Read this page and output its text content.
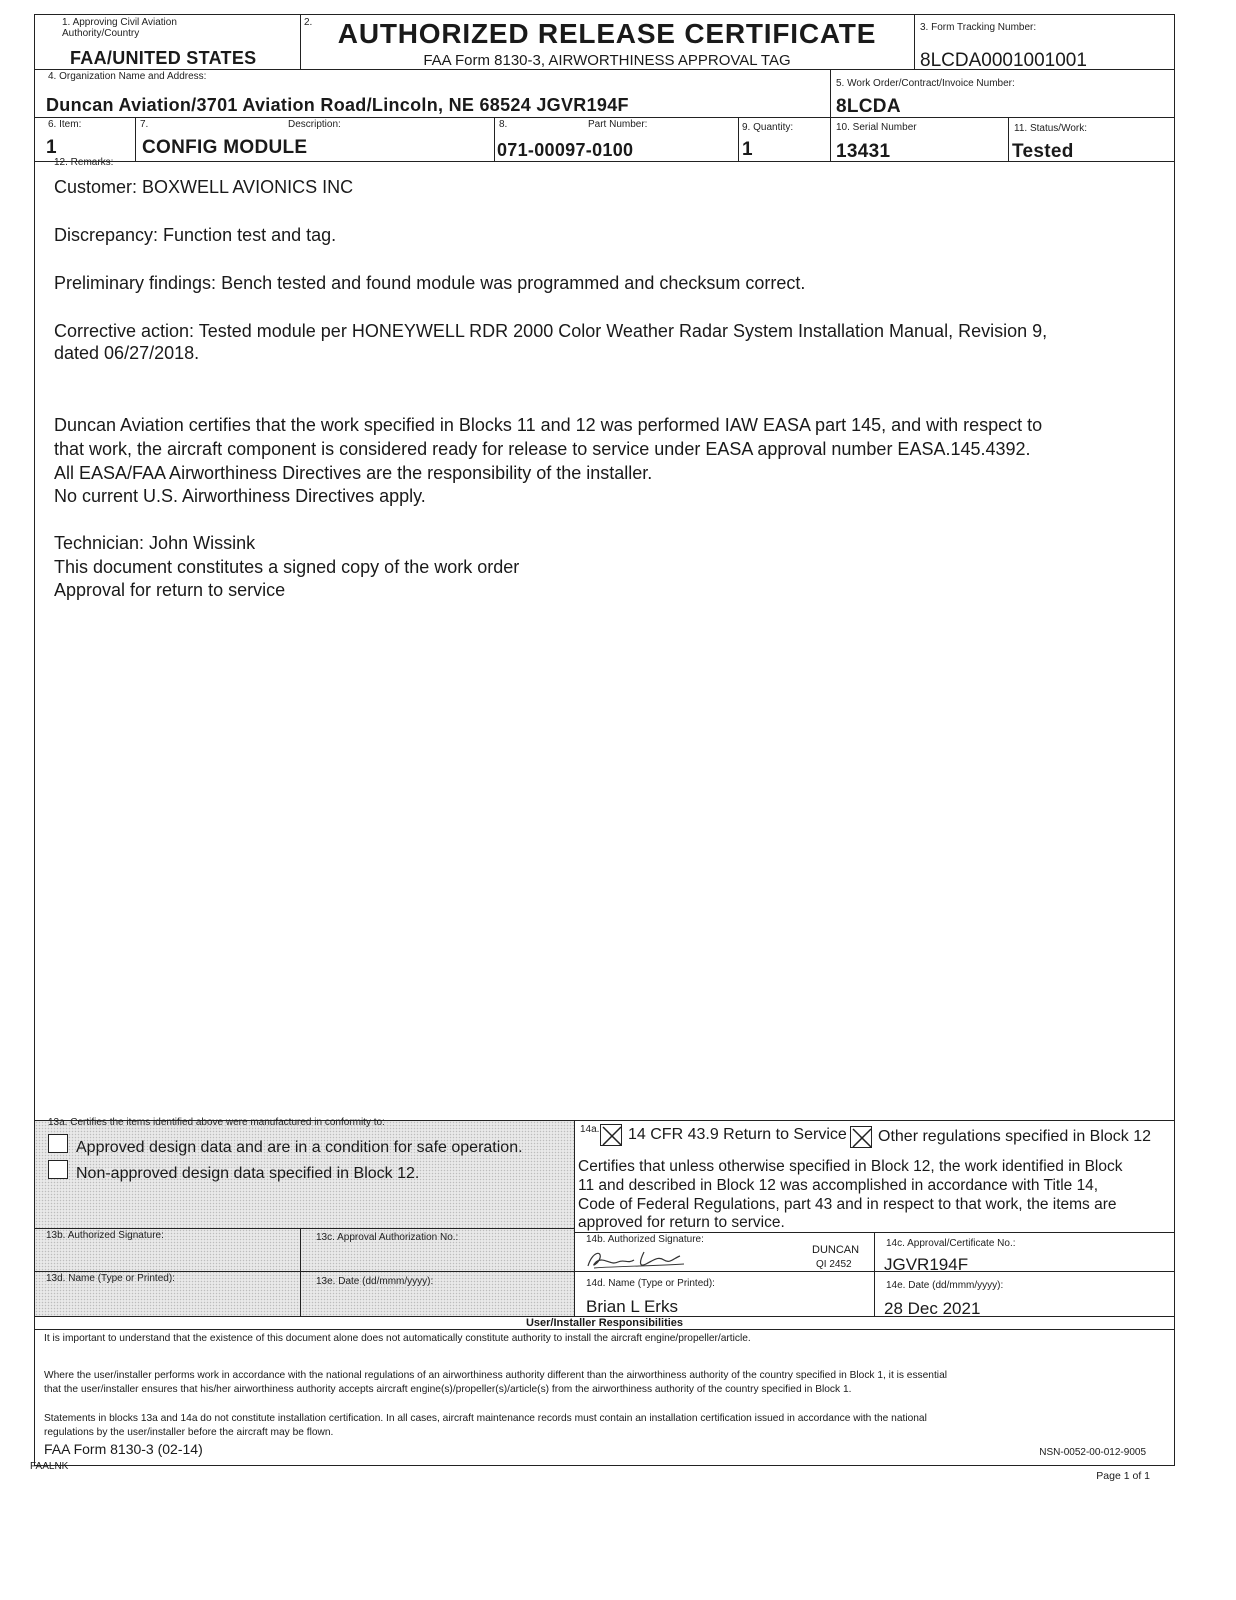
1. Approving Civil Aviation Authority/Country
FAA/UNITED STATES
2. AUTHORIZED RELEASE CERTIFICATE
FAA Form 8130-3, AIRWORTHINESS APPROVAL TAG
3. Form Tracking Number:
8LCDA0001001001
4. Organization Name and Address:
Duncan Aviation/3701 Aviation Road/Lincoln, NE 68524 JGVR194F
5. Work Order/Contract/Invoice Number:
8LCDA
6. Item:
1
7.	Description:
CONFIG MODULE
8.	Part Number:
071-00097-0100
9. Quantity:
1
10. Serial Number
13431
11. Status/Work:
Tested
12. Remarks:
Customer: BOXWELL AVIONICS INC
Discrepancy: Function test and tag.
Preliminary findings: Bench tested and found module was programmed and checksum correct.
Corrective action: Tested module per HONEYWELL RDR 2000 Color Weather Radar System Installation Manual, Revision 9,
dated 06/27/2018.
Duncan Aviation certifies that the work specified in Blocks 11 and 12 was performed IAW EASA part 145, and with respect to
that work, the aircraft component is considered ready for release to service under EASA approval number EASA.145.4392.
All EASA/FAA Airworthiness Directives are the responsibility of the installer.
No current U.S. Airworthiness Directives apply.
Technician: John Wissink
This document constitutes a signed copy of the work order
Approval for return to service
13a. Certifies the items identified above were manufactured in conformity to:
Approved design data and are in a condition for safe operation.
Non-approved design data specified in Block 12.
13b. Authorized Signature:	13c. Approval Authorization No.:
13d. Name (Type or Printed):	13e. Date (dd/mmm/yyyy):
14a. 14 CFR 43.9 Return to Service Other regulations specified in Block 12
Certifies that unless otherwise specified in Block 12, the work identified in Block
11 and described in Block 12 was accomplished in accordance with Title 14,
Code of Federal Regulations, part 43 and in respect to that work, the items are
approved for return to service.
14b. Authorized Signature:
DUNCAN
QI 2452
14c. Approval/Certificate No.:
JGVR194F
14d. Name (Type or Printed):
Brian L Erks
14e. Date (dd/mmm/yyyy):
28 Dec 2021
User/Installer Responsibilities
It is important to understand that the existence of this document alone does not automatically constitute authority to install the aircraft engine/propeller/article.
Where the user/installer performs work in accordance with the national regulations of an airworthiness authority different than the airworthiness authority of the country specified in Block 1, it is essential
that the user/installer ensures that his/her airworthiness authority accepts aircraft engine(s)/propeller(s)/article(s) from the airworthiness authority of the country specified in Block 1.
Statements in blocks 13a and 14a do not constitute installation certification. In all cases, aircraft maintenance records must contain an installation certification issued in accordance with the national
regulations by the user/installer before the aircraft may be flown.
FAA Form 8130-3 (02-14)	NSN-0052-00-012-9005
FAALNK
Page 1 of 1
